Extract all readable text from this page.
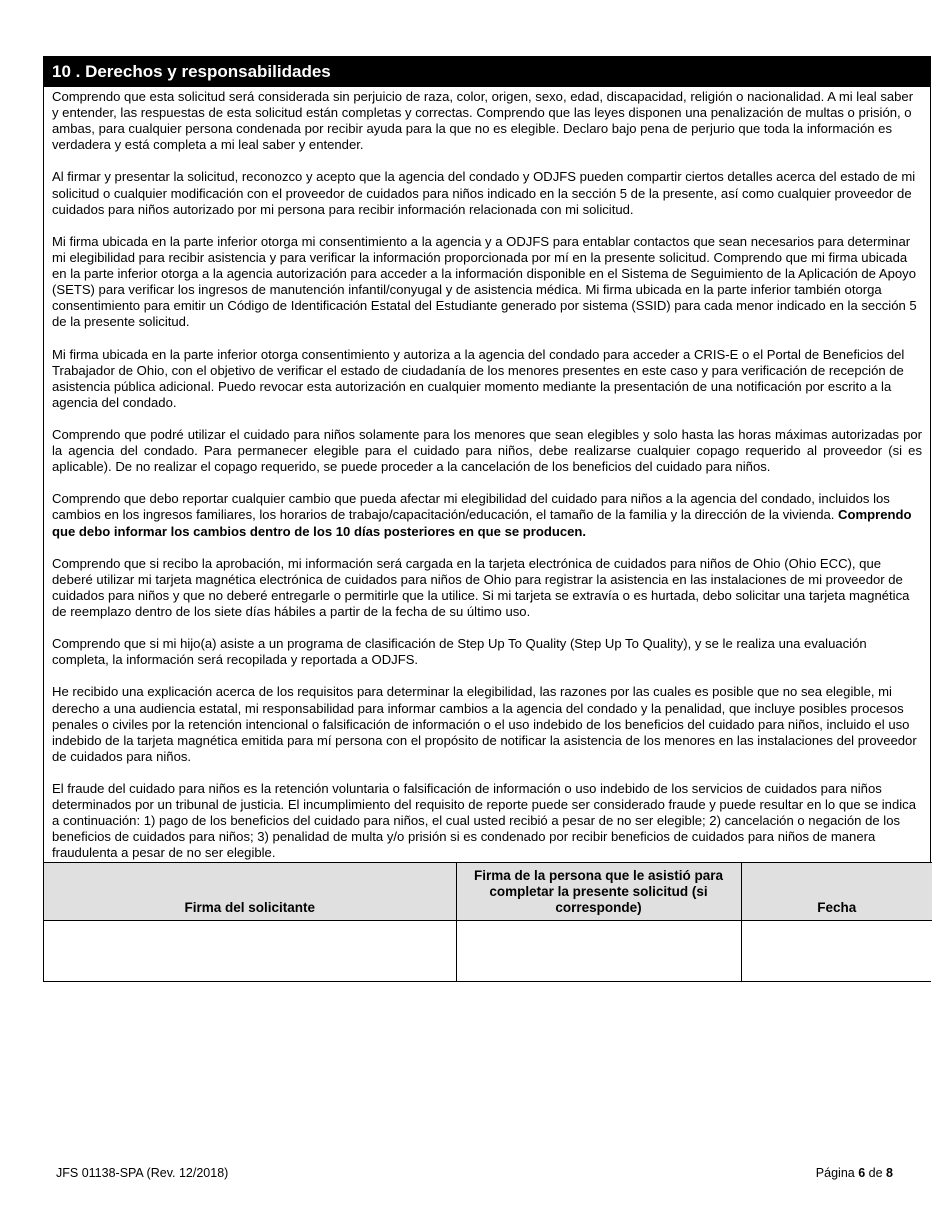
10 . Derechos y responsabilidades

Comprendo que esta solicitud será considerada sin perjuicio de raza, color, origen, sexo, edad, discapacidad, religión o nacionalidad. A mi leal saber y entender, las respuestas de esta solicitud están completas y correctas. Comprendo que las leyes disponen una penalización de multas o prisión, o ambas, para cualquier persona condenada por recibir ayuda para la que no es elegible. Declaro bajo pena de perjurio que toda la información es verdadera y está completa a mi leal saber y entender.

Al firmar y presentar la solicitud, reconozco y acepto que la agencia del condado y ODJFS pueden compartir ciertos detalles acerca del estado de mi solicitud o cualquier modificación con el proveedor de cuidados para niños indicado en la sección 5 de la presente, así como cualquier proveedor de cuidados para niños autorizado por mi persona para recibir información relacionada con mi solicitud.

Mi firma ubicada en la parte inferior otorga mi consentimiento a la agencia y a ODJFS para entablar contactos que sean necesarios para determinar mi elegibilidad para recibir asistencia y para verificar la información proporcionada por mí en la presente solicitud. Comprendo que mi firma ubicada en la parte inferior otorga a la agencia autorización para acceder a la información disponible en el Sistema de Seguimiento de la Aplicación de Apoyo (SETS) para verificar los ingresos de manutención infantil/conyugal y de asistencia médica. Mi firma ubicada en la parte inferior también otorga consentimiento para emitir un Código de Identificación Estatal del Estudiante generado por sistema (SSID) para cada menor indicado en la sección 5 de la presente solicitud.

Mi firma ubicada en la parte inferior otorga consentimiento y autoriza a la agencia del condado para acceder a CRIS-E o el Portal de Beneficios del Trabajador de Ohio, con el objetivo de verificar el estado de ciudadanía de los menores presentes en este caso y para verificación de recepción de asistencia pública adicional. Puedo revocar esta autorización en cualquier momento mediante la presentación de una notificación por escrito a la agencia del condado.

Comprendo que podré utilizar el cuidado para niños solamente para los menores que sean elegibles y solo hasta las horas máximas autorizadas por la agencia del condado. Para permanecer elegible para el cuidado para niños, debe realizarse cualquier copago requerido al proveedor (si es aplicable). De no realizar el copago requerido, se puede proceder a la cancelación de los beneficios del cuidado para niños.

Comprendo que debo reportar cualquier cambio que pueda afectar mi elegibilidad del cuidado para niños a la agencia del condado, incluidos los cambios en los ingresos familiares, los horarios de trabajo/capacitación/educación, el tamaño de la familia y la dirección de la vivienda. Comprendo que debo informar los cambios dentro de los 10 días posteriores en que se producen.

Comprendo que si recibo la aprobación, mi información será cargada en la tarjeta electrónica de cuidados para niños de Ohio (Ohio ECC), que deberé utilizar mi tarjeta magnética electrónica de cuidados para niños de Ohio para registrar la asistencia en las instalaciones de mi proveedor de cuidados para niños y que no deberé entregarle o permitirle que la utilice. Si mi tarjeta se extravía o es hurtada, debo solicitar una tarjeta magnética de reemplazo dentro de los siete días hábiles a partir de la fecha de su último uso.

Comprendo que si mi hijo(a) asiste a un programa de clasificación de Step Up To Quality (Step Up To Quality), y se le realiza una evaluación completa, la información será recopilada y reportada a ODJFS.

He recibido una explicación acerca de los requisitos para determinar la elegibilidad, las razones por las cuales es posible que no sea elegible, mi derecho a una audiencia estatal, mi responsabilidad para informar cambios a la agencia del condado y la penalidad, que incluye posibles procesos penales o civiles por la retención intencional o falsificación de información o el uso indebido de los beneficios del cuidado para niños, incluido el uso indebido de la tarjeta magnética emitida para mí persona con el propósito de notificar la asistencia de los menores en las instalaciones del proveedor de cuidados para niños.

El fraude del cuidado para niños es la retención voluntaria o falsificación de información o uso indebido de los servicios de cuidados para niños determinados por un tribunal de justicia. El incumplimiento del requisito de reporte puede ser considerado fraude y puede resultar en lo que se indica a continuación: 1) pago de los beneficios del cuidado para niños, el cual usted recibió a pesar de no ser elegible; 2) cancelación o negación de los beneficios de cuidados para niños; 3) penalidad de multa y/o prisión si es condenado por recibir beneficios de cuidados para niños de manera fraudulenta a pesar de no ser elegible.

Firma del solicitante	Firma de la persona que le asistió para completar la presente solicitud (si corresponde)	Fecha

JFS 01138-SPA (Rev. 12/2018)	Página 6 de 8
